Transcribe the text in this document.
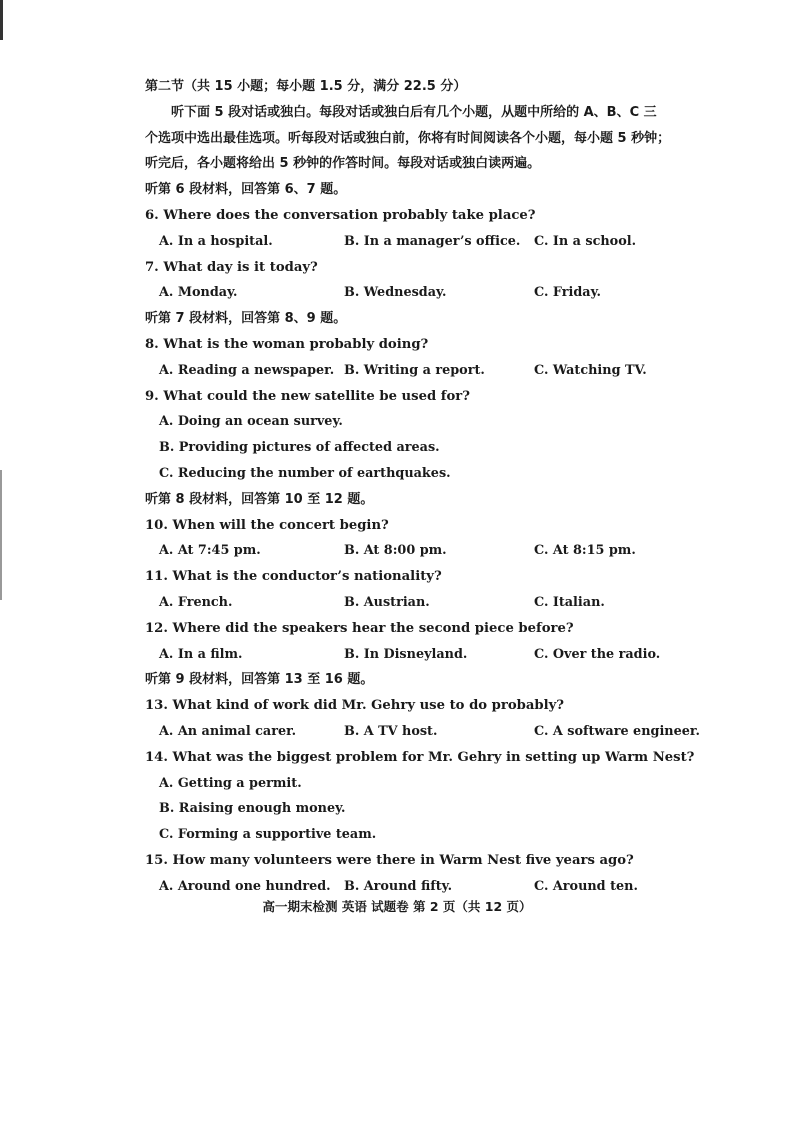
第二节（共 15 小题；每小题 1.5 分，满分 22.5 分）
听下面 5 段对话或独白。每段对话或独白后有几个小题，从题中所给的 A、B、C 三
个选项中选出最佳选项。听每段对话或独白前，你将有时间阅读各个小题，每小题 5 秒钟；
听完后，各小题将给出 5 秒钟的作答时间。每段对话或独白读两遍。
听第 6 段材料，回答第 6、7 题。
6. Where does the conversation probably take place?
A. In a hospital.	B. In a manager’s office. C. In a school.
7. What day is it today?
A. Monday.	B. Wednesday.	C. Friday.
听第 7 段材料，回答第 8、9 题。
8. What is the woman probably doing?
A. Reading a newspaper. B. Writing a report.	C. Watching TV.
9. What could the new satellite be used for?
A. Doing an ocean survey.
B. Providing pictures of affected areas.
C. Reducing the number of earthquakes.
听第 8 段材料，回答第 10 至 12 题。
10. When will the concert begin?
A. At 7:45 pm.	B. At 8:00 pm.	C. At 8:15 pm.
11. What is the conductor’s nationality?
A. French.	B. Austrian.	C. Italian.
12. Where did the speakers hear the second piece before?
A. In a film.	B. In Disneyland.	C. Over the radio.
听第 9 段材料，回答第 13 至 16 题。
13. What kind of work did Mr. Gehry use to do probably?
A. An animal carer.	B. A TV host.	C. A software engineer.
14. What was the biggest problem for Mr. Gehry in setting up Warm Nest?
A. Getting a permit.
B. Raising enough money.
C. Forming a supportive team.
15. How many volunteers were there in Warm Nest five years ago?
A. Around one hundred. B. Around fifty.	C. Around ten.
高一期末检测 英语 试题卷 第 2 页（共 12 页）
